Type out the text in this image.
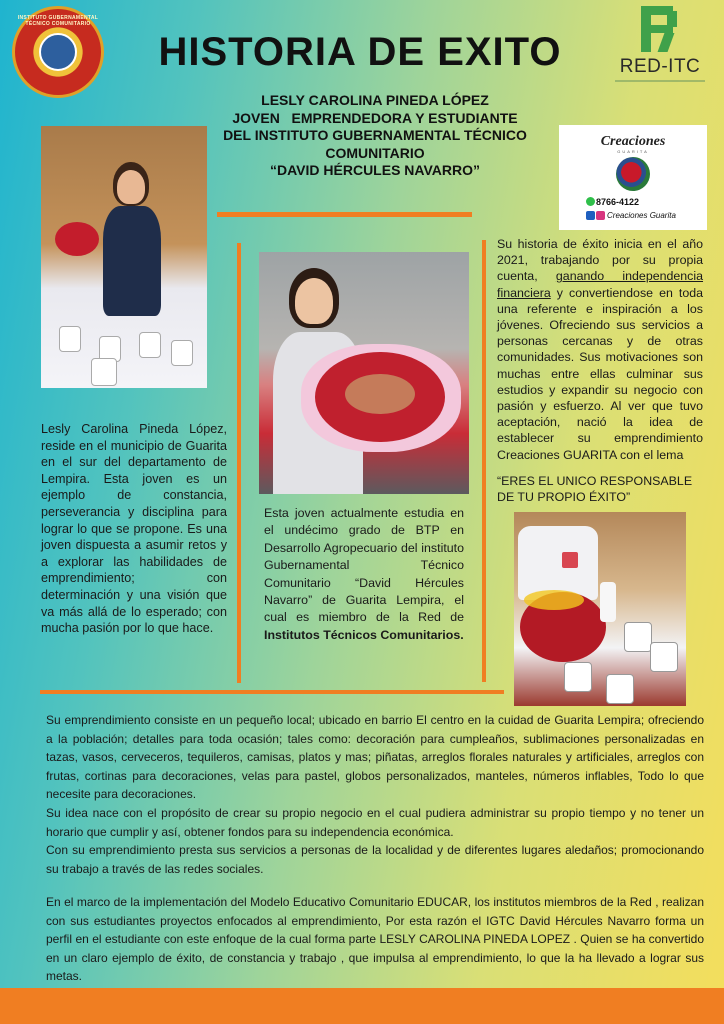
INSTITUTO GUBERNAMENTAL TÉCNICO COMUNITARIO
HISTORIA DE EXITO	RED-ITC
LESLY CAROLINA PINEDA LÓPEZ
JOVEN   EMPRENDEDORA Y ESTUDIANTE
DEL INSTITUTO GUBERNAMENTAL TÉCNICO
COMUNITARIO
“DAVID HÉRCULES NAVARRO”
Creaciones
GUARITA
8766-4122
Creaciones Guarita
Lesly Carolina Pineda López, reside en el municipio de Guarita en el sur del departamento de Lempira. Esta joven es un ejemplo de constancia, perseverancia y disciplina para lograr lo que se propone. Es una joven dispuesta a asumir retos y a explorar las habilidades de emprendimiento; con determinación y una visión que va más allá de lo esperado; con mucha pasión por lo que hace.
Esta joven actualmente estudia en el undécimo grado de BTP en Desarrollo Agropecuario del instituto Gubernamental Técnico Comunitario “David Hércules Navarro” de Guarita Lempira, el cual es miembro de la Red de Institutos Técnicos Comunitarios.
Su historia de éxito inicia en el año 2021, trabajando por su propia cuenta, ganando independencia financiera y convertiendose en toda una referente e inspiración a los jóvenes. Ofreciendo sus servicios a personas cercanas y de otras comunidades. Sus motivaciones son muchas entre ellas culminar sus estudios y expandir su negocio con pasión y esfuerzo. Al ver que tuvo aceptación, nació la idea de establecer su emprendimiento Creaciones GUARITA con el lema
“ERES EL UNICO RESPONSABLE DE TU PROPIO ÉXITO”
Su emprendimiento consiste en un pequeño local; ubicado en barrio El centro en la cuidad de Guarita Lempira; ofreciendo a la población; detalles para toda ocasión; tales como: decoración para cumpleaños, sublimaciones personalizadas en tazas, vasos, cerveceros, tequileros, camisas, platos y mas; piñatas, arreglos florales naturales y artificiales, arreglos con frutas, cortinas para decoraciones, velas para pastel, globos personalizados, manteles, números inflables, Todo lo que necesite para decoraciones.
Su idea nace con el propósito de crear su propio negocio en el cual pudiera administrar su propio tiempo y no tener un horario que cumplir y así, obtener fondos para su independencia económica.
Con su emprendimiento presta sus servicios a personas de la localidad y de diferentes lugares aledaños; promocionando su trabajo a través de las redes sociales.
En el marco de la implementación del Modelo Educativo Comunitario EDUCAR, los institutos miembros de la Red , realizan con sus estudiantes proyectos enfocados al emprendimiento, Por esta razón el IGTC David Hércules Navarro forma un perfil en el estudiante con este enfoque de la cual forma parte LESLY CAROLINA PINEDA LOPEZ . Quien se ha convertido en un claro ejemplo de éxito, de constancia y trabajo , que impulsa al emprendimiento, lo que la ha llevado a lograr sus metas.
